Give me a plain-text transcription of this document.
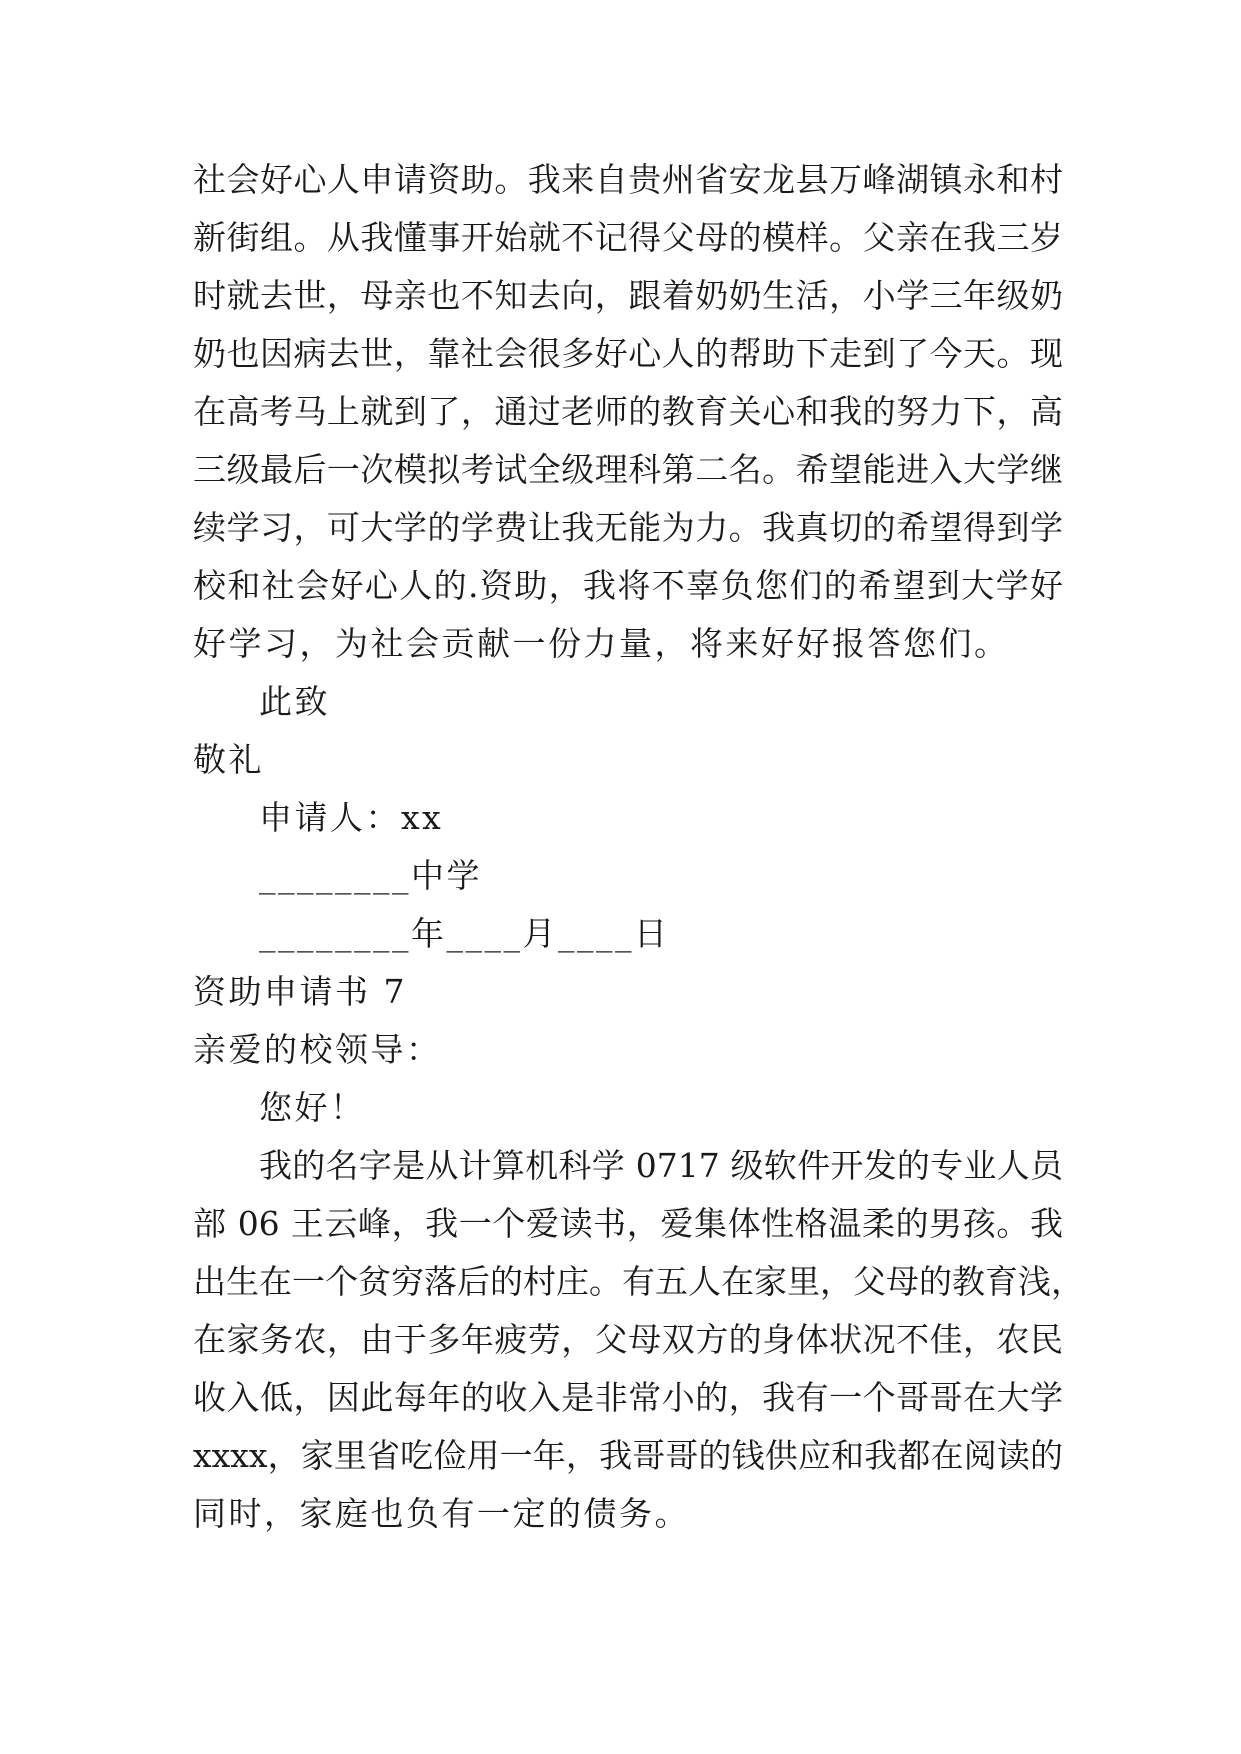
社会好心人申请资助。我来自贵州省安龙县万峰湖镇永和村
新街组。从我懂事开始就不记得父母的模样。父亲在我三岁
时就去世，母亲也不知去向，跟着奶奶生活，小学三年级奶
奶也因病去世，靠社会很多好心人的帮助下走到了今天。现
在高考马上就到了，通过老师的教育关心和我的努力下，高
三级最后一次模拟考试全级理科第二名。希望能进入大学继
续学习，可大学的学费让我无能为力。我真切的希望得到学
校和社会好心人的.资助，我将不辜负您们的希望到大学好
好学习，为社会贡献一份力量，将来好好报答您们。
此致
敬礼
申请人：xx
________中学
________年____月____日
资助申请书 7
亲爱的校领导：
您好！
我的名字是从计算机科学 0717 级软件开发的专业人员
部 06 王云峰，我一个爱读书，爱集体性格温柔的男孩。我
出生在一个贫穷落后的村庄。有五人在家里，父母的教育浅，
在家务农，由于多年疲劳，父母双方的身体状况不佳，农民
收入低，因此每年的收入是非常小的，我有一个哥哥在大学
xxxx，家里省吃俭用一年，我哥哥的钱供应和我都在阅读的
同时，家庭也负有一定的债务。
